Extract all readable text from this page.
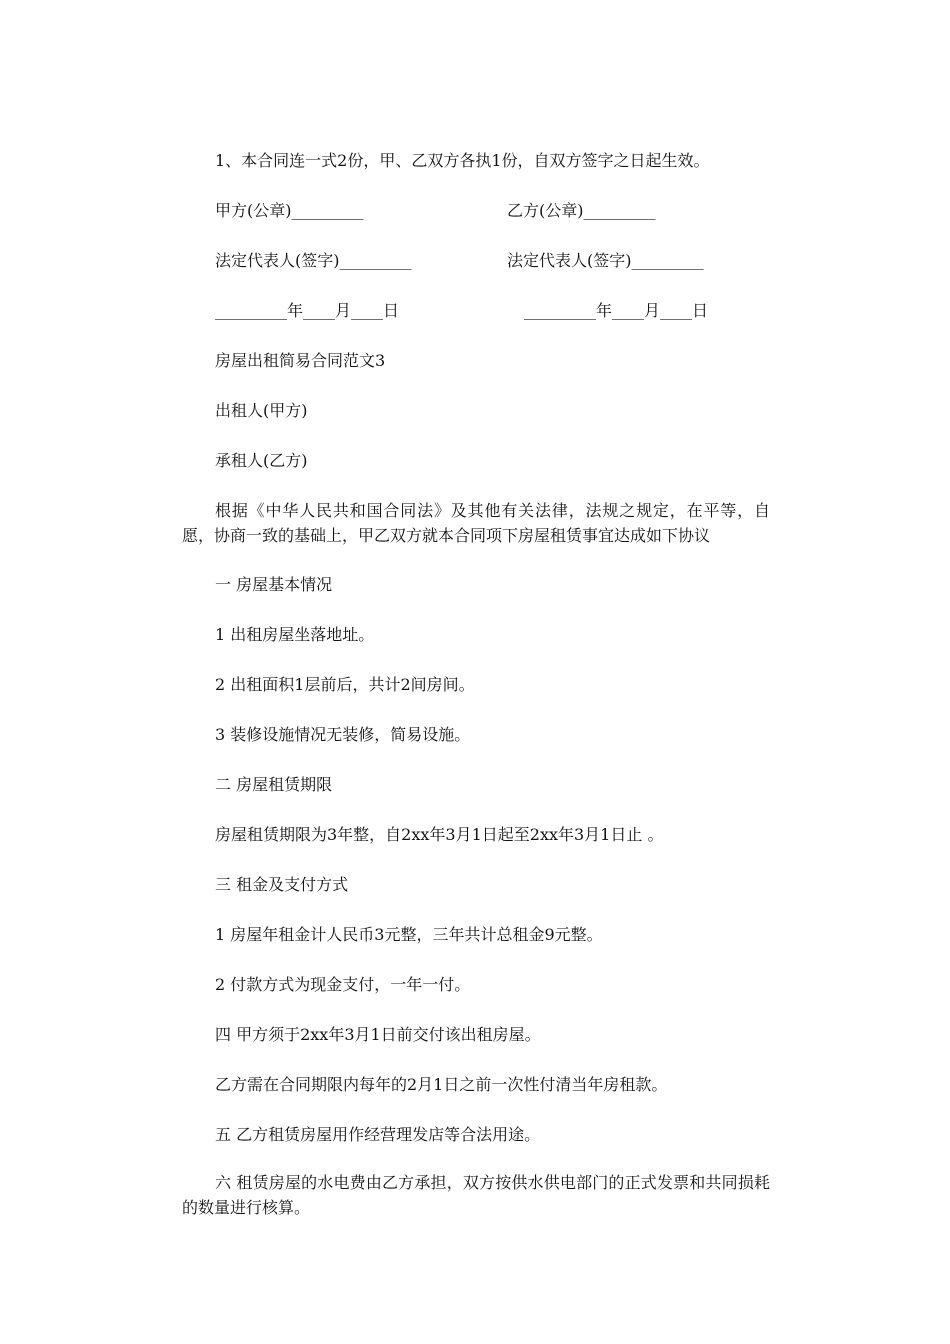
1、本合同连一式2份，甲、乙双方各执1份，自双方签字之日起生效。
甲方(公章)_________	乙方(公章)_________
法定代表人(签字)_________	法定代表人(签字)_________
_________年____月____日	_________年____月____日
房屋出租简易合同范文3
出租人(甲方)
承租人(乙方)
根据《中华人民共和国合同法》及其他有关法律，法规之规定，在平等，自愿，协商一致的基础上，甲乙双方就本合同项下房屋租赁事宜达成如下协议
一 房屋基本情况
1 出租房屋坐落地址。
2 出租面积1层前后，共计2间房间。
3 装修设施情况无装修，简易设施。
二 房屋租赁期限
房屋租赁期限为3年整，自2xx年3月1日起至2xx年3月1日止 。
三 租金及支付方式
1 房屋年租金计人民币3元整，三年共计总租金9元整。
2 付款方式为现金支付，一年一付。
四 甲方须于2xx年3月1日前交付该出租房屋。
乙方需在合同期限内每年的2月1日之前一次性付清当年房租款。
五 乙方租赁房屋用作经营理发店等合法用途。
六 租赁房屋的水电费由乙方承担，双方按供水供电部门的正式发票和共同损耗的数量进行核算。
